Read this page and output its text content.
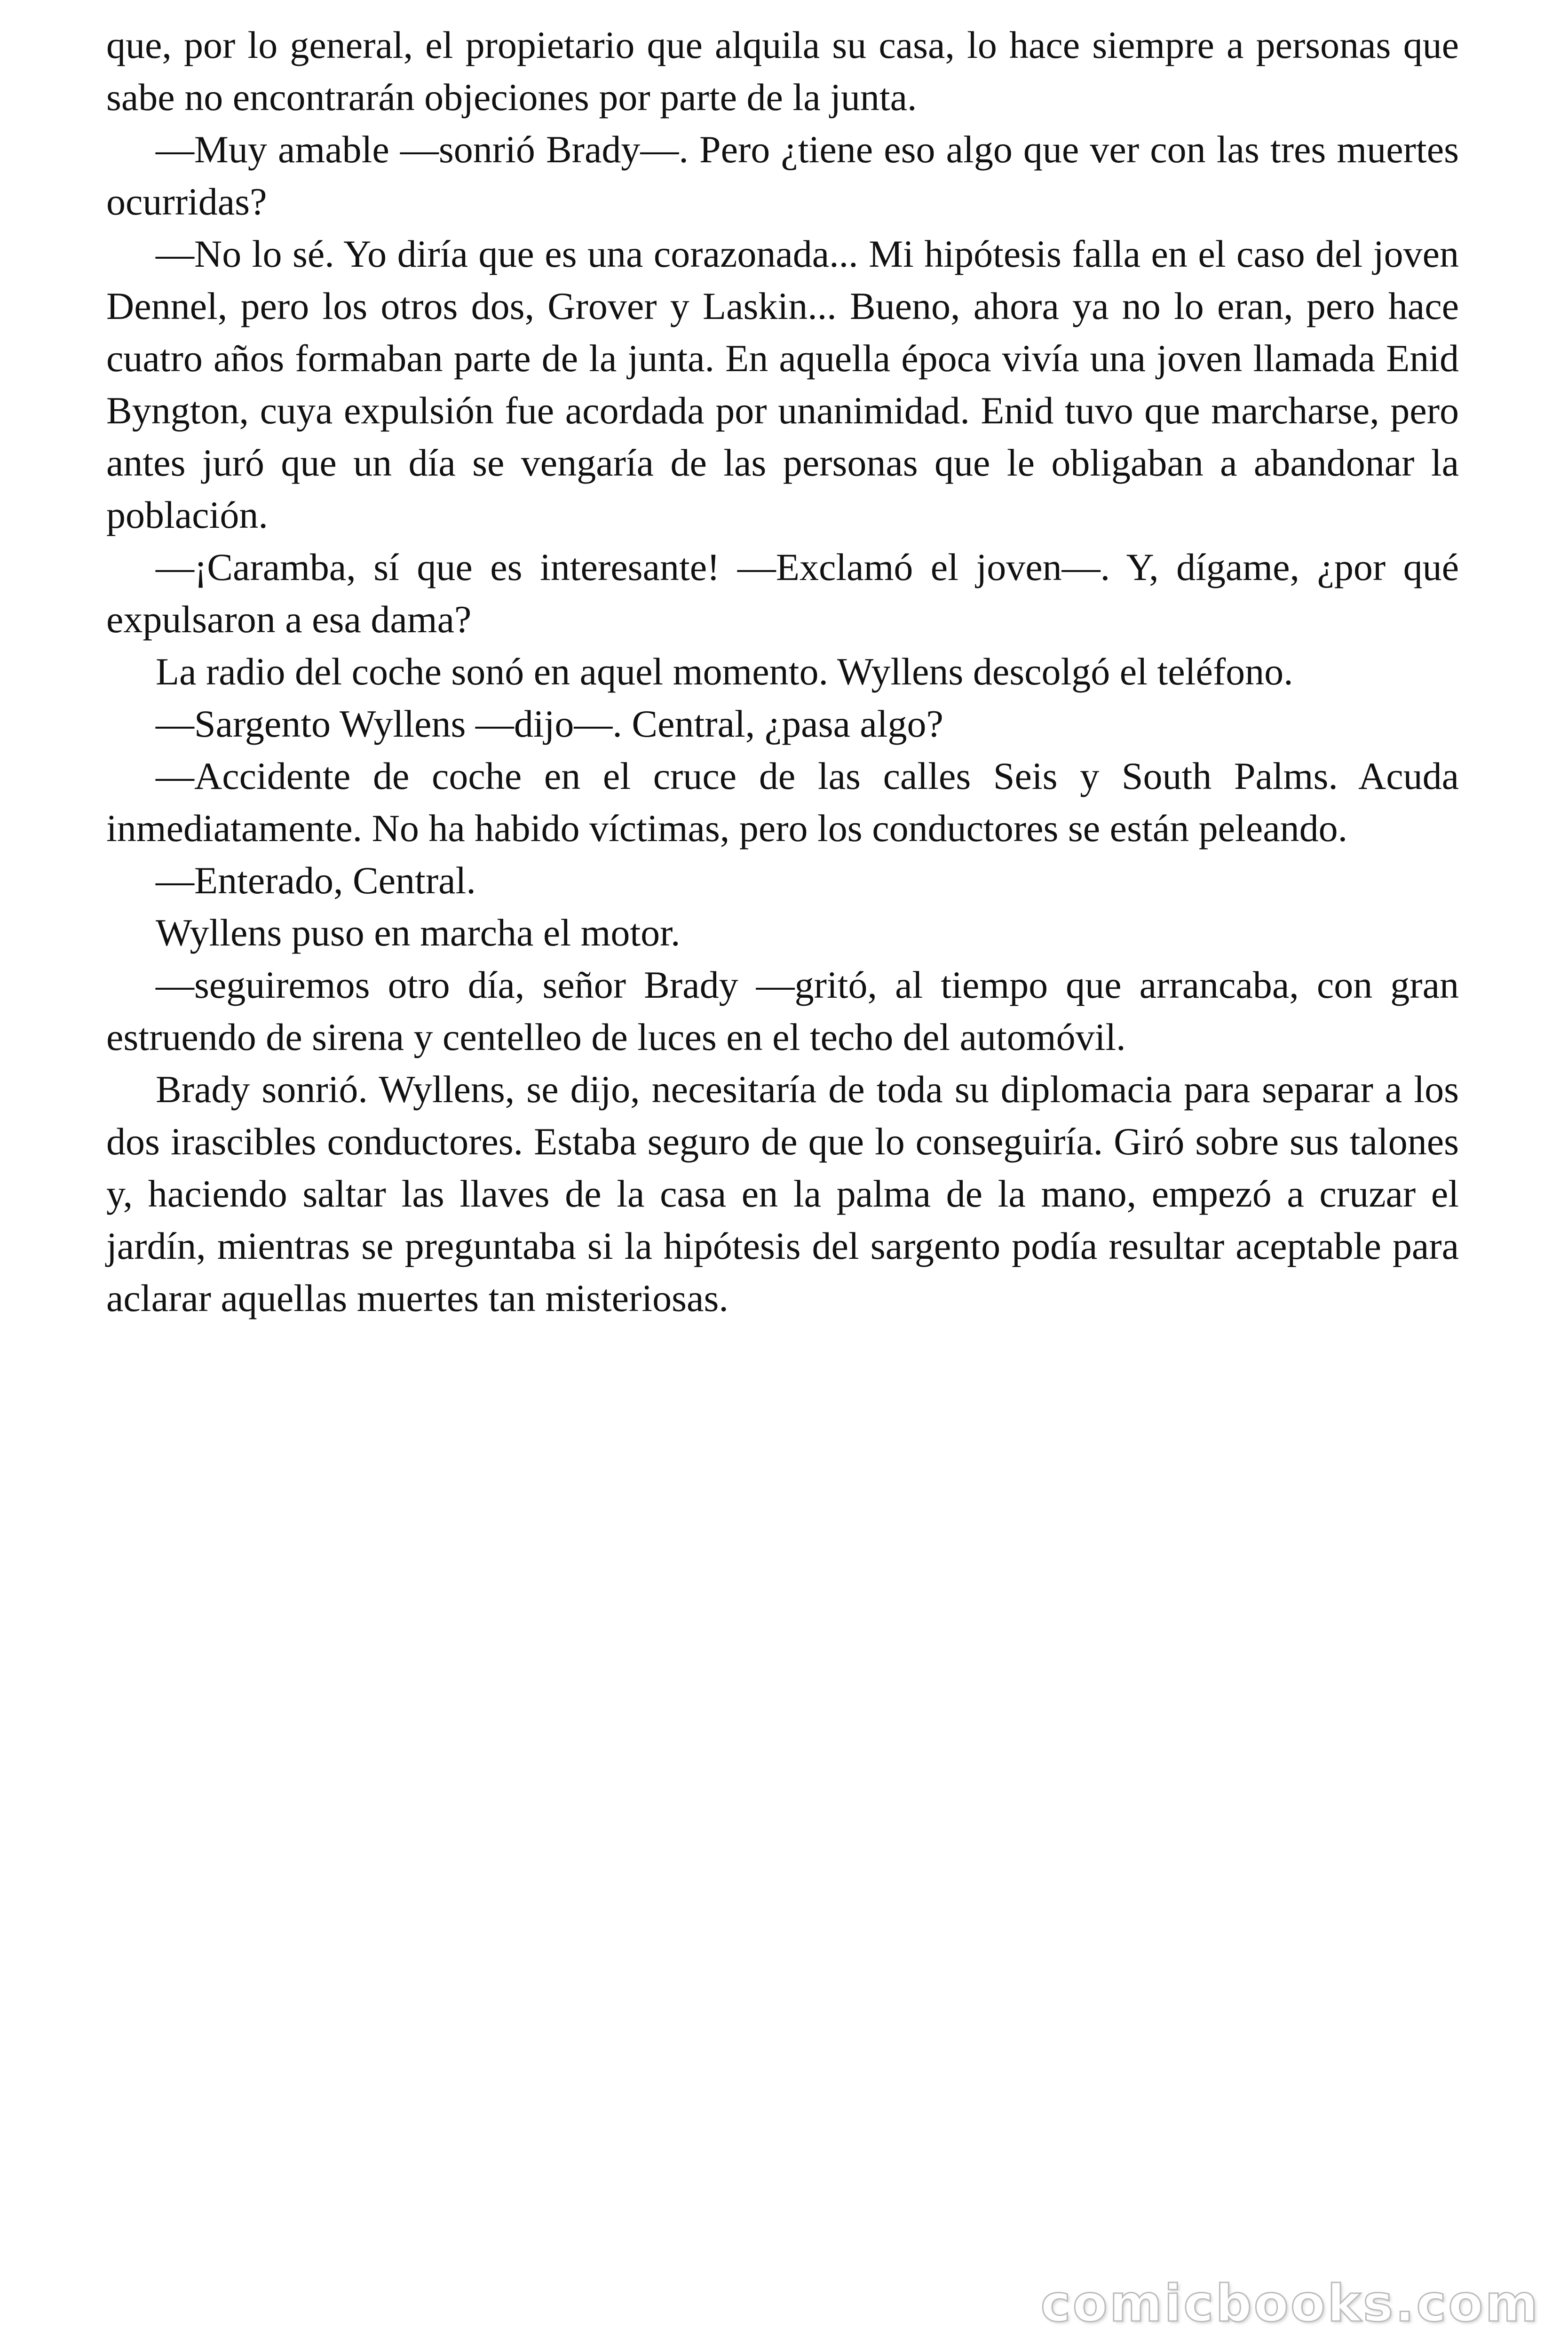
que, por lo general, el propietario que alquila su casa, lo hace siempre a personas que sabe no encontrarán objeciones por parte de la junta.

—Muy amable —sonrió Brady—. Pero ¿tiene eso algo que ver con las tres muertes ocurridas?

—No lo sé. Yo diría que es una corazonada... Mi hipótesis falla en el caso del joven Dennel, pero los otros dos, Grover y Laskin... Bueno, ahora ya no lo eran, pero hace cuatro años formaban parte de la junta. En aquella época vivía una joven llamada Enid Byngton, cuya expulsión fue acordada por unanimidad. Enid tuvo que marcharse, pero antes juró que un día se vengaría de las personas que le obligaban a abandonar la población.

—¡Caramba, sí que es interesante! —Exclamó el joven—. Y, dígame, ¿por qué expulsaron a esa dama?

La radio del coche sonó en aquel momento. Wyllens descolgó el teléfono.

—Sargento Wyllens —dijo—. Central, ¿pasa algo?

—Accidente de coche en el cruce de las calles Seis y South Palms. Acuda inmediatamente. No ha habido víctimas, pero los conductores se están peleando.

—Enterado, Central.

Wyllens puso en marcha el motor.

—seguiremos otro día, señor Brady —gritó, al tiempo que arrancaba, con gran estruendo de sirena y centelleo de luces en el techo del automóvil.

Brady sonrió. Wyllens, se dijo, necesitaría de toda su diplomacia para separar a los dos irascibles conductores. Estaba seguro de que lo conseguiría. Giró sobre sus talones y, haciendo saltar las llaves de la casa en la palma de la mano, empezó a cruzar el jardín, mientras se preguntaba si la hipótesis del sargento podía resultar aceptable para aclarar aquellas muertes tan misteriosas.

comicbooks.com
